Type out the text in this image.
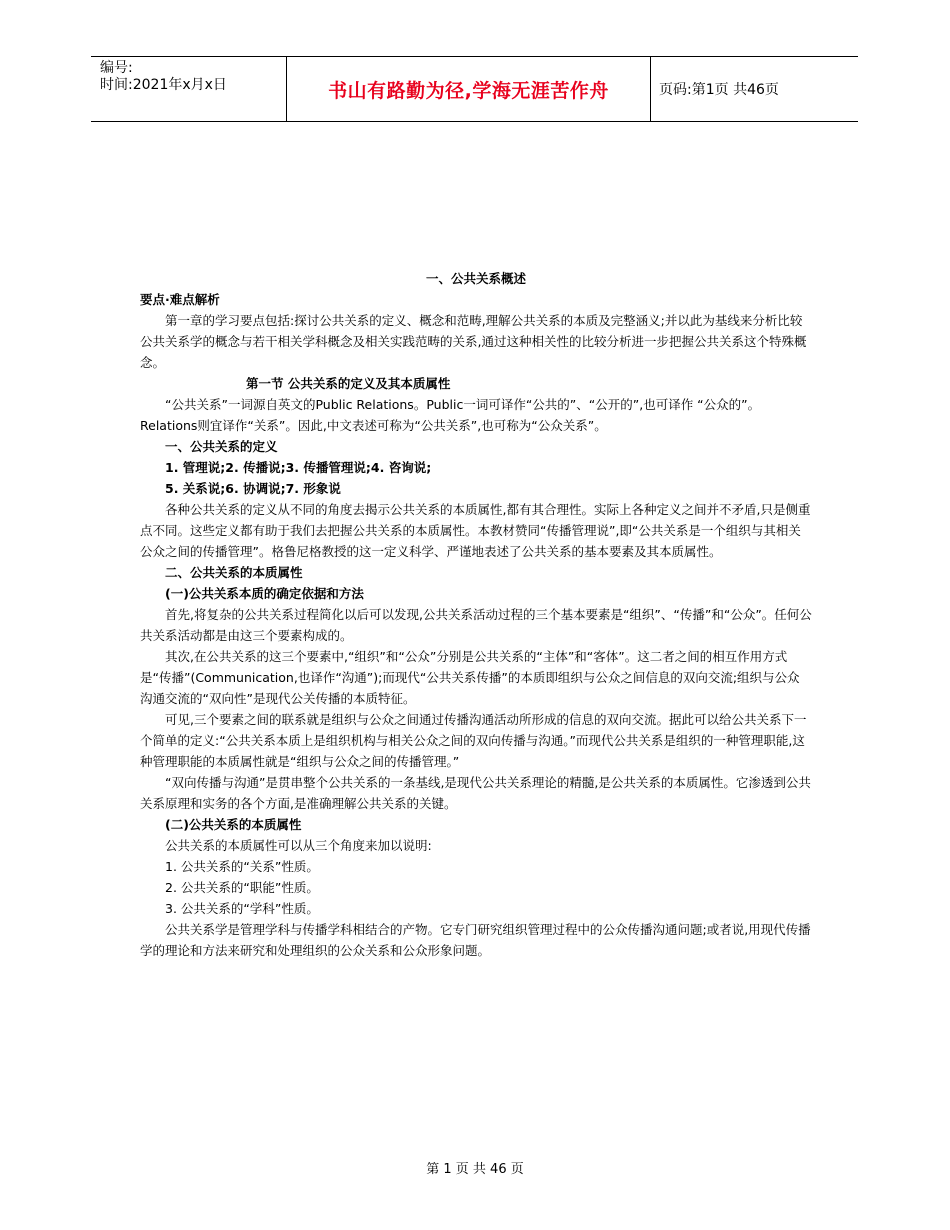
编号:
时间:2021年x月x日	书山有路勤为径,学海无涯苦作舟	页码:第1页 共46页

一、公共关系概述

要点·难点解析

第一章的学习要点包括:探讨公共关系的定义、概念和范畴,理解公共关系的本质及完整涵义;并以此为基线来分析比较公共关系学的概念与若干相关学科概念及相关实践范畴的关系,通过这种相关性的比较分析进一步把握公共关系这个特殊概念。

第一节 公共关系的定义及其本质属性

“公共关系”一词源自英文的Public Relations。Public一词可译作“公共的”、“公开的”,也可译作 “公众的”。Relations则宜译作“关系”。因此,中文表述可称为“公共关系”,也可称为“公众关系”。

一、公共关系的定义

1. 管理说;2. 传播说;3. 传播管理说;4. 咨询说;

5. 关系说;6. 协调说;7. 形象说

各种公共关系的定义从不同的角度去揭示公共关系的本质属性,都有其合理性。实际上各种定义之间并不矛盾,只是侧重点不同。这些定义都有助于我们去把握公共关系的本质属性。本教材赞同“传播管理说”,即“公共关系是一个组织与其相关公众之间的传播管理”。格鲁尼格教授的这一定义科学、严谨地表述了公共关系的基本要素及其本质属性。

二、公共关系的本质属性

(一)公共关系本质的确定依据和方法

首先,将复杂的公共关系过程简化以后可以发现,公共关系活动过程的三个基本要素是“组织”、“传播”和“公众”。任何公共关系活动都是由这三个要素构成的。

其次,在公共关系的这三个要素中,“组织”和“公众”分别是公共关系的“主体”和“客体”。这二者之间的相互作用方式是“传播”(Communication,也译作“沟通”);而现代“公共关系传播”的本质即组织与公众之间信息的双向交流;组织与公众沟通交流的“双向性”是现代公关传播的本质特征。

可见,三个要素之间的联系就是组织与公众之间通过传播沟通活动所形成的信息的双向交流。据此可以给公共关系下一个简单的定义:“公共关系本质上是组织机构与相关公众之间的双向传播与沟通。”而现代公共关系是组织的一种管理职能,这种管理职能的本质属性就是“组织与公众之间的传播管理。”

“双向传播与沟通”是贯串整个公共关系的一条基线,是现代公共关系理论的精髓,是公共关系的本质属性。它渗透到公共关系原理和实务的各个方面,是准确理解公共关系的关键。

(二)公共关系的本质属性

公共关系的本质属性可以从三个角度来加以说明:

1. 公共关系的“关系”性质。

2. 公共关系的“职能”性质。

3. 公共关系的“学科”性质。

公共关系学是管理学科与传播学科相结合的产物。它专门研究组织管理过程中的公众传播沟通问题;或者说,用现代传播学的理论和方法来研究和处理组织的公众关系和公众形象问题。

第 1 页 共 46 页
